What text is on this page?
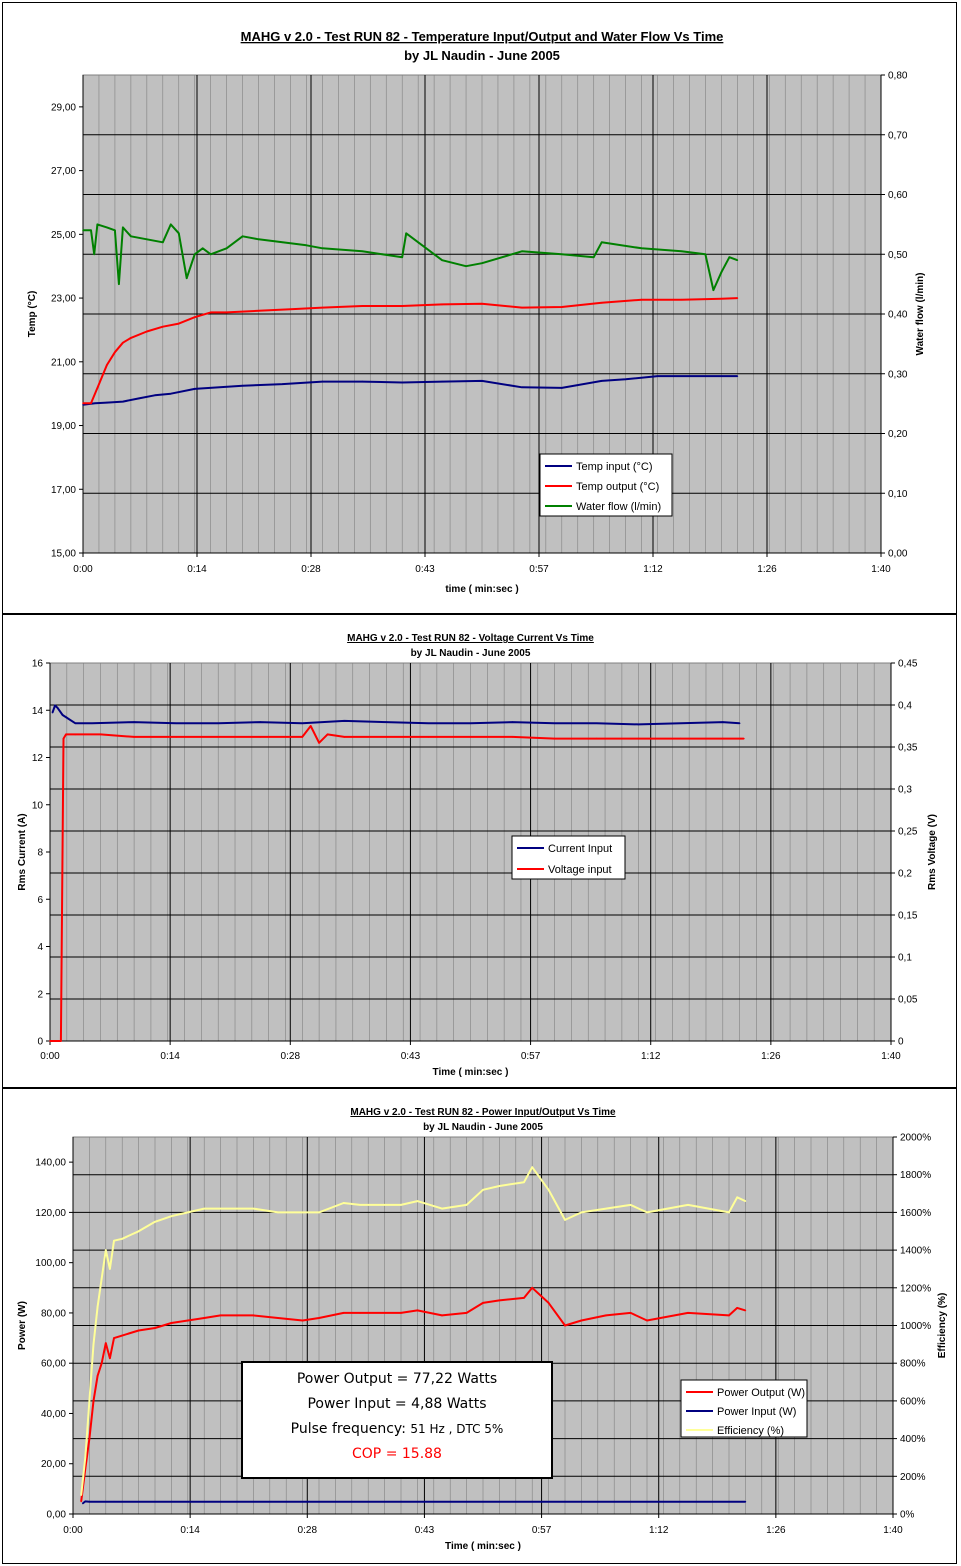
15,00
17,00
19,00
21,00
23,00
25,00
27,00
29,00
0,00
0,10
0,20
0,30
0,40
0,50
0,60
0,70
0,80
0:00	0:14	0:28	0:43	0:57	1:12	1:26	1:40
MAHG v 2.0 - Test RUN 82 - Temperature Input/Output and Water Flow Vs Time
by JL Naudin - June 2005
time ( min:sec )
Temp (°C)	Water flow (l/min)
Temp input (°C)
Temp output (°C)
Water flow (l/min)
0
2
4
6
8
10
12
14
16
0
0,05
0,1
0,15
0,2
0,25
0,3
0,35
0,4
0,45
0:00	0:14	0:28	0:43	0:57	1:12	1:26	1:40
MAHG v 2.0 - Test RUN 82 - Voltage Current Vs Time
by JL Naudin - June 2005
Time ( min:sec )
Rms Current (A)	Rms Voltage (V)
Current Input
Voltage input
0,00
20,00
40,00
60,00
80,00
100,00
120,00
140,00
0%
200%
400%
600%
800%
1000%
1200%
1400%
1600%
1800%
2000%
0:00	0:14	0:28	0:43	0:57	1:12	1:26	1:40
MAHG v 2.0 - Test RUN 82 - Power Input/Output Vs Time
by JL Naudin - June 2005
Time ( min:sec )
Power (W)	Efficiency (%)
Power Output (W)
Power Input (W)
Efficiency (%)
Power Output = 77,22 Watts
Power Input = 4,88 Watts
Pulse frequency: 51 Hz , DTC 5%
COP = 15.88
